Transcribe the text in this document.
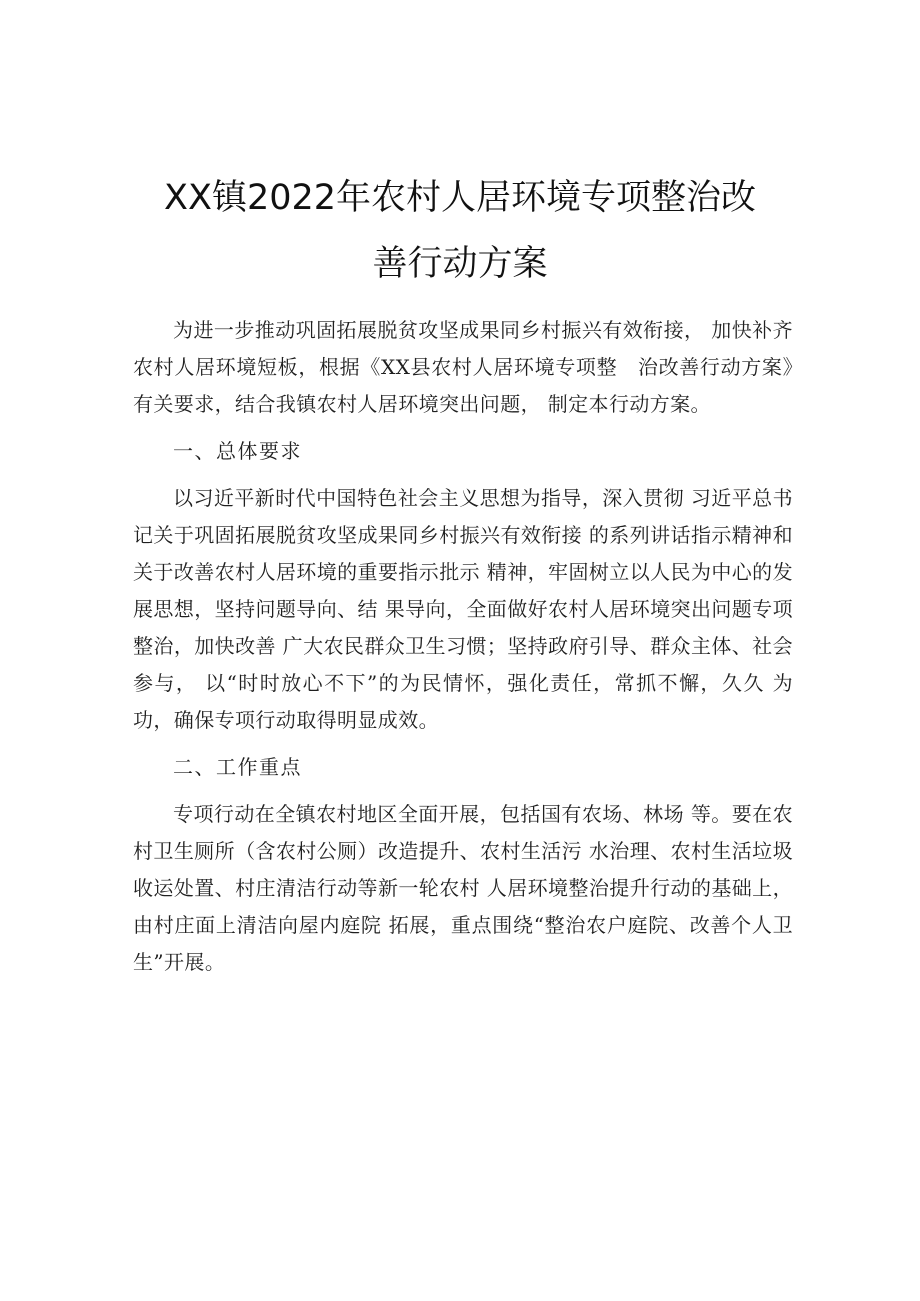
XX镇2022年农村人居环境专项整治改
善行动方案

为进一步推动巩固拓展脱贫攻坚成果同乡村振兴有效衔接， 加快补齐农村人居环境短板，根据《XX县农村人居环境专项整　治改善行动方案》有关要求，结合我镇农村人居环境突出问题， 制定本行动方案。

一、总体要求

以习近平新时代中国特色社会主义思想为指导，深入贯彻 习近平总书记关于巩固拓展脱贫攻坚成果同乡村振兴有效衔接 的系列讲话指示精神和关于改善农村人居环境的重要指示批示 精神，牢固树立以人民为中心的发展思想，坚持问题导向、结 果导向，全面做好农村人居环境突出问题专项整治，加快改善 广大农民群众卫生习惯；坚持政府引导、群众主体、社会参与， 以“时时放心不下”的为民情怀，强化责任，常抓不懈，久久 为功，确保专项行动取得明显成效。

二、工作重点

专项行动在全镇农村地区全面开展，包括国有农场、林场 等。要在农村卫生厕所（含农村公厕）改造提升、农村生活污 水治理、农村生活垃圾收运处置、村庄清洁行动等新一轮农村 人居环境整治提升行动的基础上，由村庄面上清洁向屋内庭院 拓展，重点围绕“整治农户庭院、改善个人卫生”开展。
